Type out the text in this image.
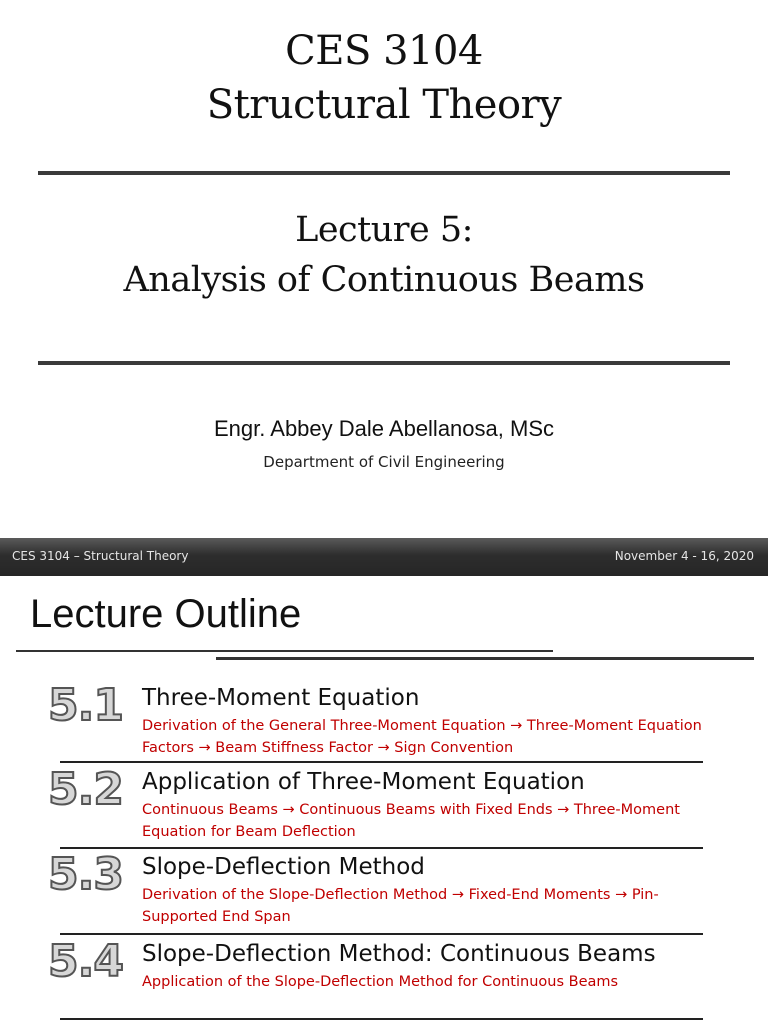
CES 3104
Structural Theory
Lecture 5:
Analysis of Continuous Beams
Engr. Abbey Dale Abellanosa, MSc
Department of Civil Engineering
CES 3104 – Structural Theory	November 4 - 16, 2020
Lecture Outline
5.1 Three-Moment Equation
Derivation of the General Three-Moment Equation → Three-Moment Equation Factors → Beam Stiffness Factor → Sign Convention
5.2 Application of Three-Moment Equation
Continuous Beams → Continuous Beams with Fixed Ends → Three-Moment Equation for Beam Deflection
5.3 Slope-Deflection Method
Derivation of the Slope-Deflection Method → Fixed-End Moments → Pin-Supported End Span
5.4 Slope-Deflection Method: Continuous Beams
Application of the Slope-Deflection Method for Continuous Beams
